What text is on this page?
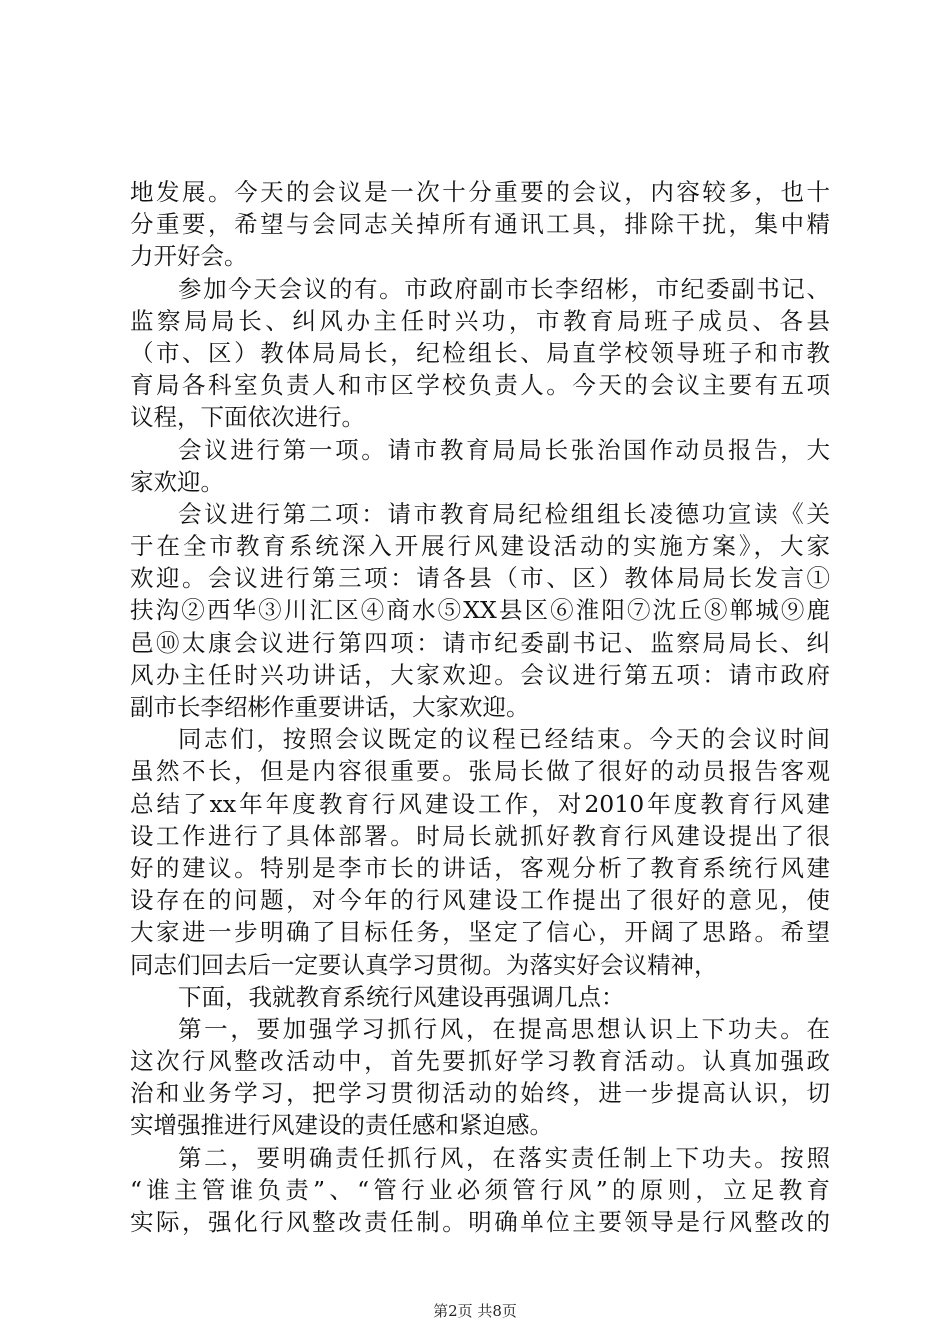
地发展。今天的会议是一次十分重要的会议，内容较多，也十
分重要，希望与会同志关掉所有通讯工具，排除干扰，集中精
力开好会。
参加今天会议的有。市政府副市长李绍彬，市纪委副书记、
监察局局长、纠风办主任时兴功，市教育局班子成员、各县
（市、区）教体局局长，纪检组长、局直学校领导班子和市教
育局各科室负责人和市区学校负责人。今天的会议主要有五项
议程，下面依次进行。
会议进行第一项。请市教育局局长张治国作动员报告，大
家欢迎。
会议进行第二项：请市教育局纪检组组长凌德功宣读《关
于在全市教育系统深入开展行风建设活动的实施方案》，大家
欢迎。会议进行第三项：请各县（市、区）教体局局长发言①
扶沟②西华③川汇区④商水⑤XX县区⑥淮阳⑦沈丘⑧郸城⑨鹿
邑⑩太康会议进行第四项：请市纪委副书记、监察局局长、纠
风办主任时兴功讲话，大家欢迎。会议进行第五项：请市政府
副市长李绍彬作重要讲话，大家欢迎。
同志们，按照会议既定的议程已经结束。今天的会议时间
虽然不长，但是内容很重要。张局长做了很好的动员报告客观
总结了xx年年度教育行风建设工作，对2010年度教育行风建
设工作进行了具体部署。时局长就抓好教育行风建设提出了很
好的建议。特别是李市长的讲话，客观分析了教育系统行风建
设存在的问题，对今年的行风建设工作提出了很好的意见，使
大家进一步明确了目标任务，坚定了信心，开阔了思路。希望
同志们回去后一定要认真学习贯彻。为落实好会议精神，
下面，我就教育系统行风建设再强调几点：
第一，要加强学习抓行风，在提高思想认识上下功夫。在
这次行风整改活动中，首先要抓好学习教育活动。认真加强政
治和业务学习，把学习贯彻活动的始终，进一步提高认识，切
实增强推进行风建设的责任感和紧迫感。
第二，要明确责任抓行风，在落实责任制上下功夫。按照
“谁主管谁负责”、“管行业必须管行风”的原则，立足教育
实际，强化行风整改责任制。明确单位主要领导是行风整改的
第2页 共8页
